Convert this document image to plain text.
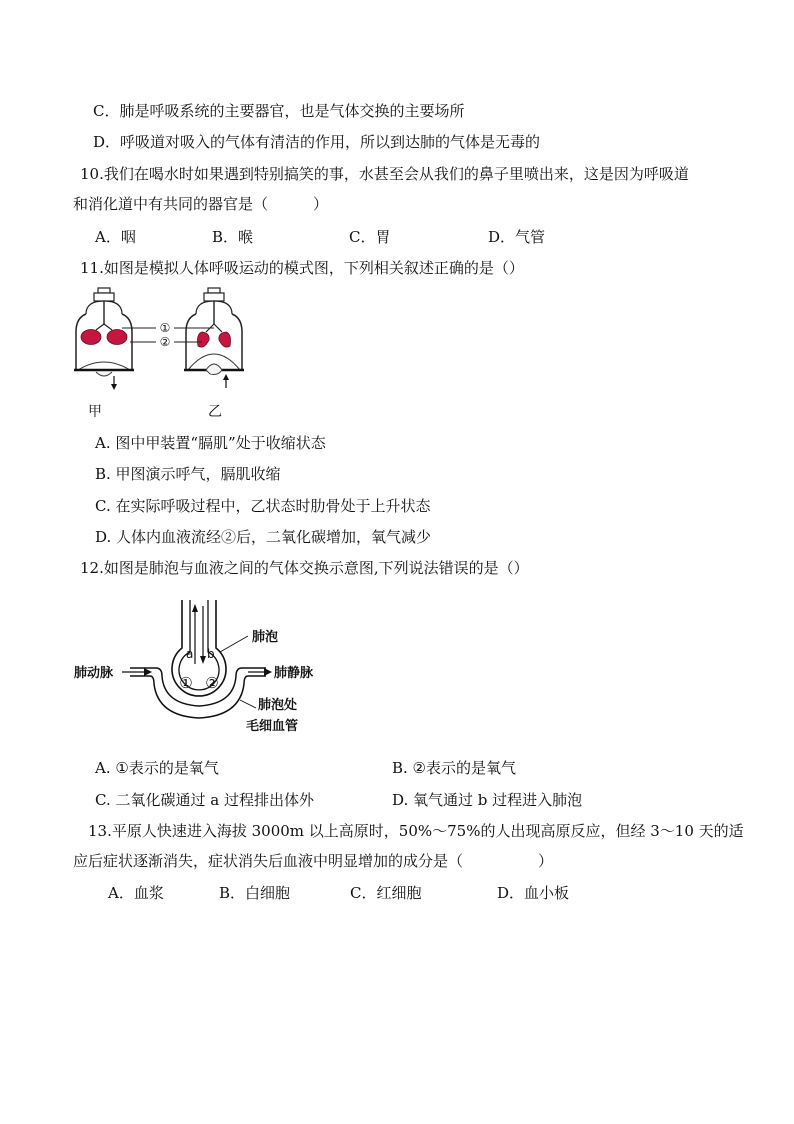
C．肺是呼吸系统的主要器官，也是气体交换的主要场所
D．呼吸道对吸入的气体有清洁的作用，所以到达肺的气体是无毒的
10.我们在喝水时如果遇到特别搞笑的事，水甚至会从我们的鼻子里喷出来，这是因为呼吸道
和消化道中有共同的器官是（　　　）
A．咽	B．喉	C．胃	D．气管
11.如图是模拟人体呼吸运动的模式图，下列相关叙述正确的是（）
①
②
甲	乙
A. 图中甲装置“膈肌”处于收缩状态
B. 甲图演示呼气，膈肌收缩
C. 在实际呼吸过程中，乙状态时肋骨处于上升状态
D. 人体内血液流经②后，二氧化碳增加，氧气减少
12.如图是肺泡与血液之间的气体交换示意图,下列说法错误的是（）
a b
① ②
肺泡
肺动脉	肺静脉
肺泡处
毛细血管
A. ①表示的是氧气	B. ②表示的是氧气
C. 二氧化碳通过 a 过程排出体外	D. 氧气通过 b 过程进入肺泡
13.平原人快速进入海拔 3000m 以上高原时，50%～75%的人出现高原反应，但经 3～10 天的适
应后症状逐渐消失，症状消失后血液中明显增加的成分是（　　　　　）
A．血浆	B．白细胞	C．红细胞	D．血小板
